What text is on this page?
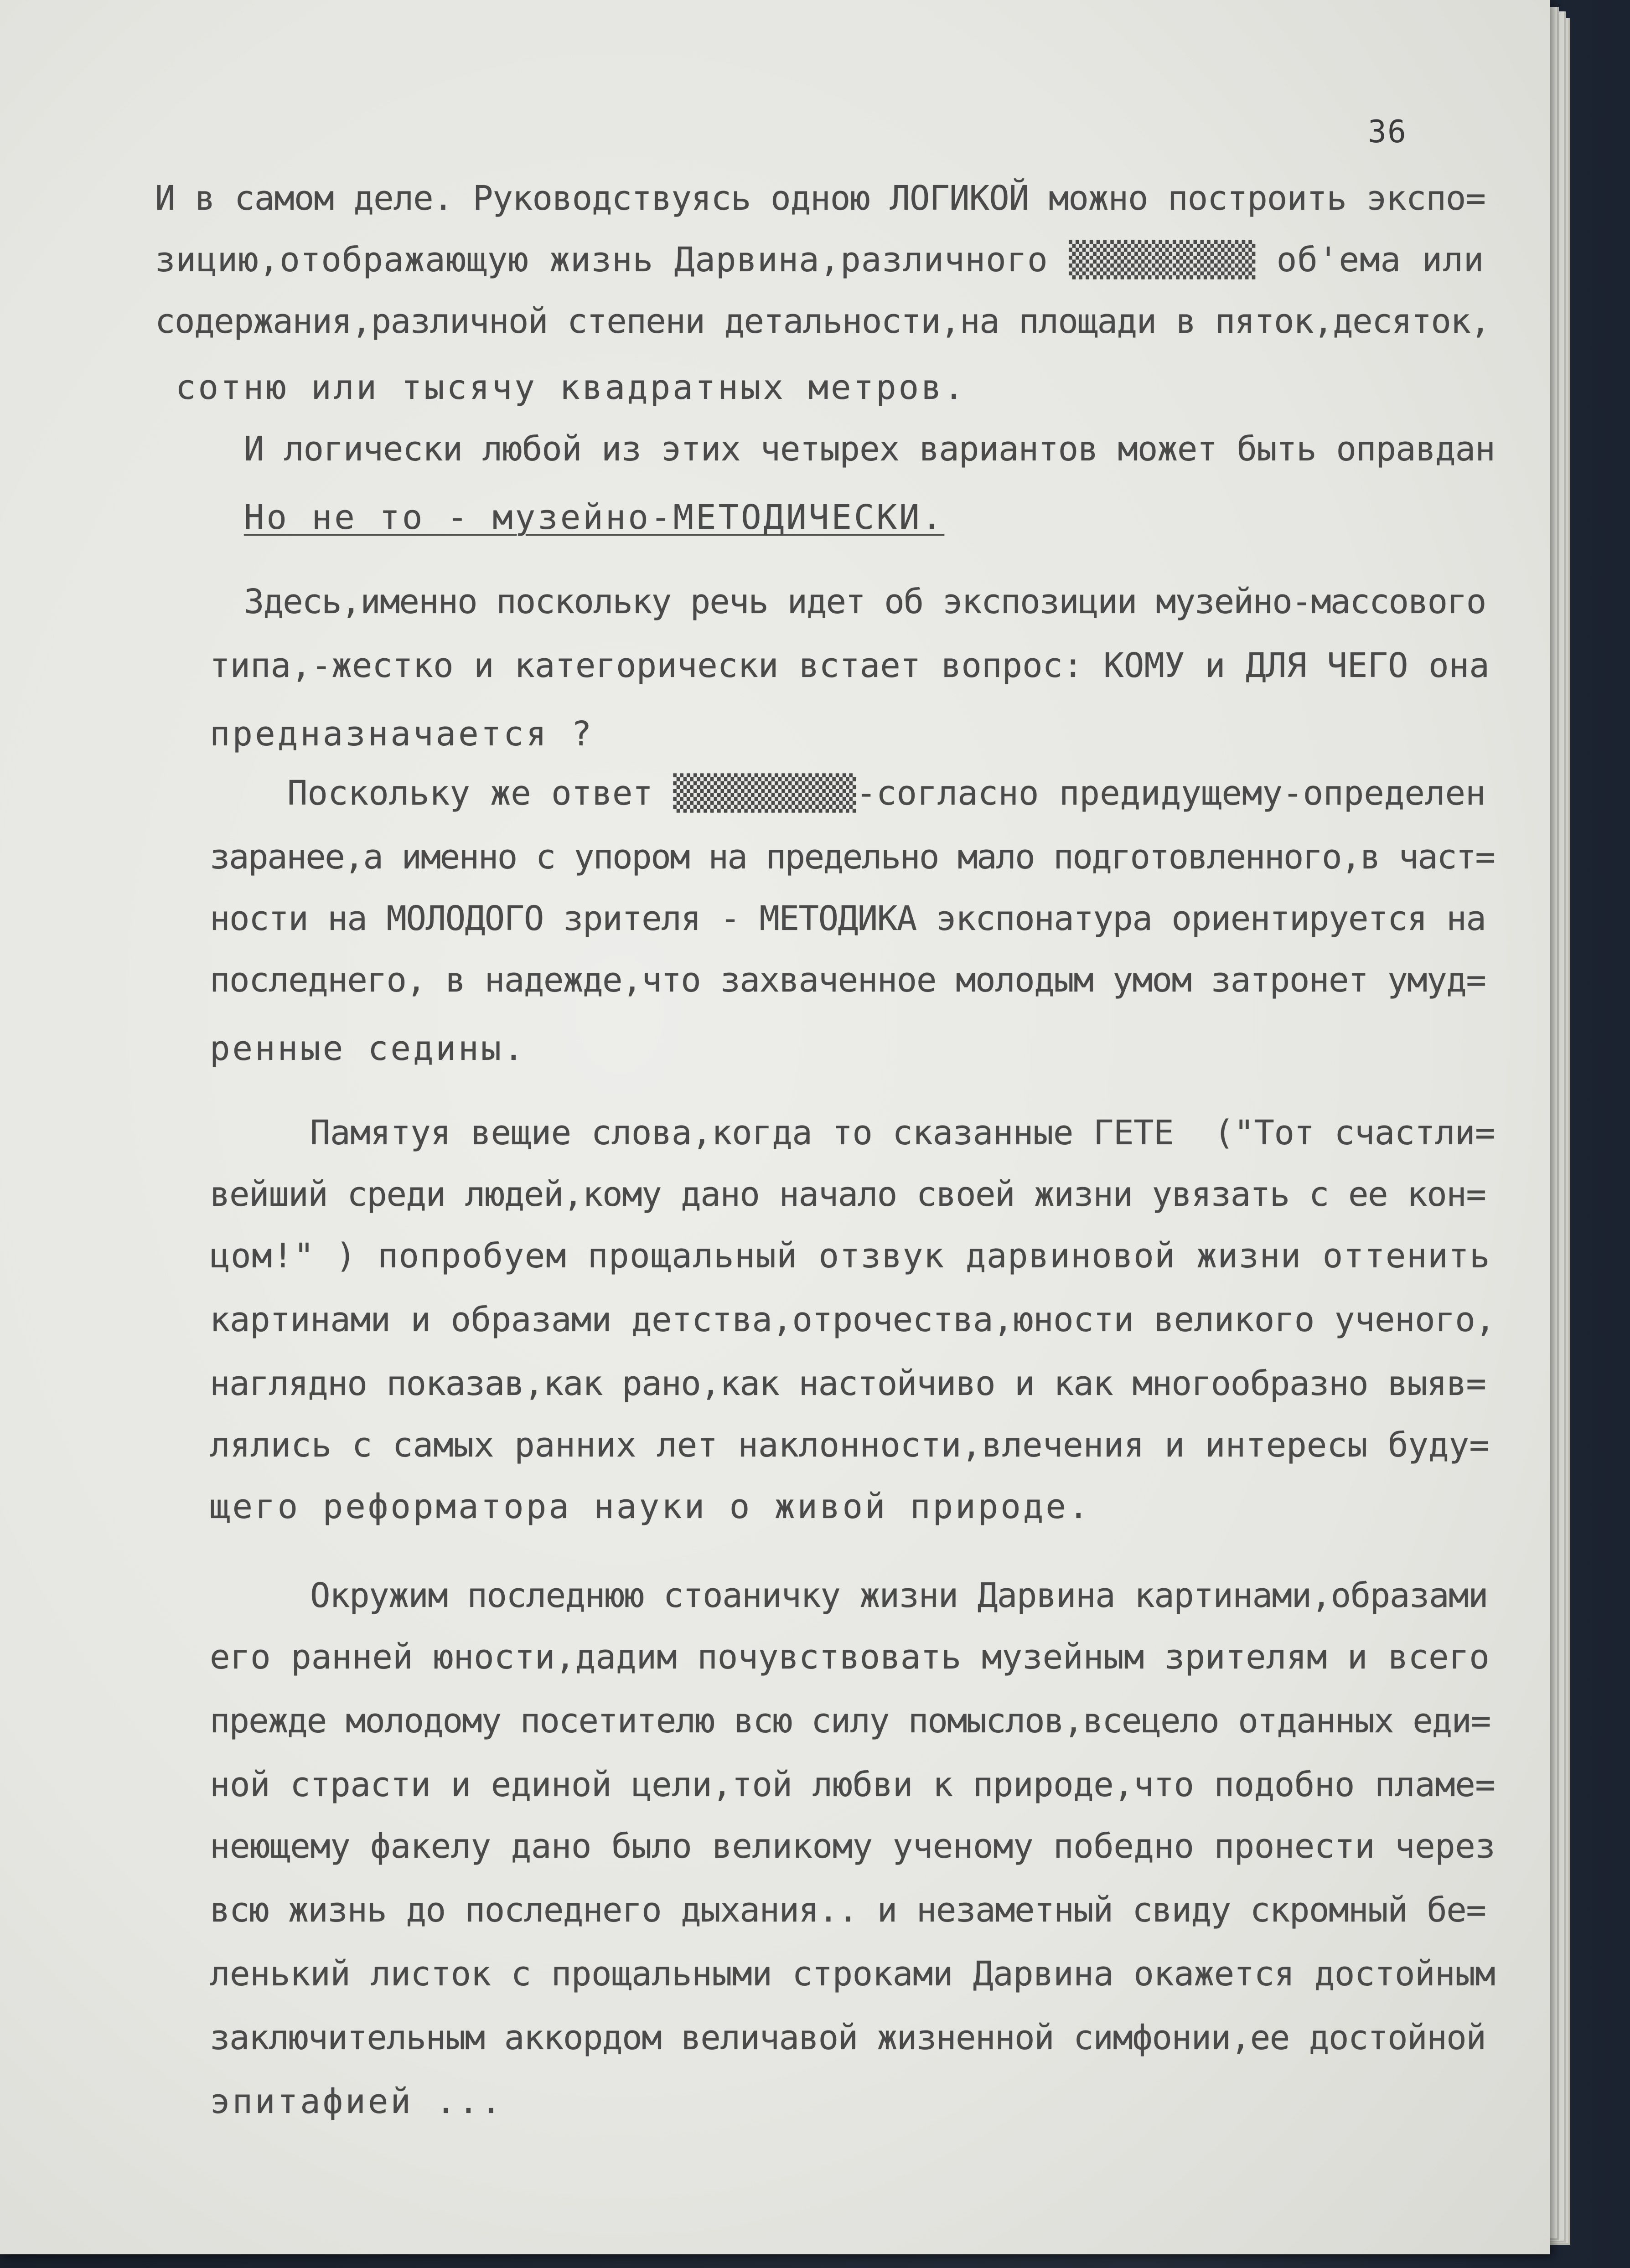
36
И в самом деле. Руководствуясь одною ЛОГИКОЙ можно построить экспо=
зицию,отображающую жизнь Дарвина,различного ▒▒▒▒▒▒▒▒▒ об'ема или
содержания,различной степени детальности,на площади в пяток,десяток,
сотню или тысячу квадратных метров.
И логически любой из этих четырех вариантов может быть оправдан
Но не то - музейно-МЕТОДИЧЕСКИ.
Здесь,именно поскольку речь идет об экспозиции музейно-массового
типа,-жестко и категорически встает вопрос: КОМУ и ДЛЯ ЧЕГО она
предназначается ?
Поскольку же ответ ▒▒▒▒▒▒▒▒▒-согласно предидущему-определен
заранее,а именно с упором на предельно мало подготовленного,в част=
ности на МОЛОДОГО зрителя - МЕТОДИКА экспонатура ориентируется на
последнего, в надежде,что захваченное молодым умом затронет умуд=
ренные седины.
Памятуя вещие слова,когда то сказанные ГЕТЕ  ("Тот счастли=
вейший среди людей,кому дано начало своей жизни увязать с ее кон=
цом!" ) попробуем прощальный отзвук дарвиновой жизни оттенить
картинами и образами детства,отрочества,юности великого ученого,
наглядно показав,как рано,как настойчиво и как многообразно выяв=
лялись с самых ранних лет наклонности,влечения и интересы буду=
щего реформатора науки о живой природе.
Окружим последнюю стоаничку жизни Дарвина картинами,образами
его ранней юности,дадим почувствовать музейным зрителям и всего
прежде молодому посетителю всю силу помыслов,всецело отданных еди=
ной страсти и единой цели,той любви к природе,что подобно пламе=
неющему факелу дано было великому ученому победно пронести через
всю жизнь до последнего дыхания.. и незаметный свиду скромный бе=
ленький листок с прощальными строками Дарвина окажется достойным
заключительным аккордом величавой жизненной симфонии,ее достойной
эпитафией ...
